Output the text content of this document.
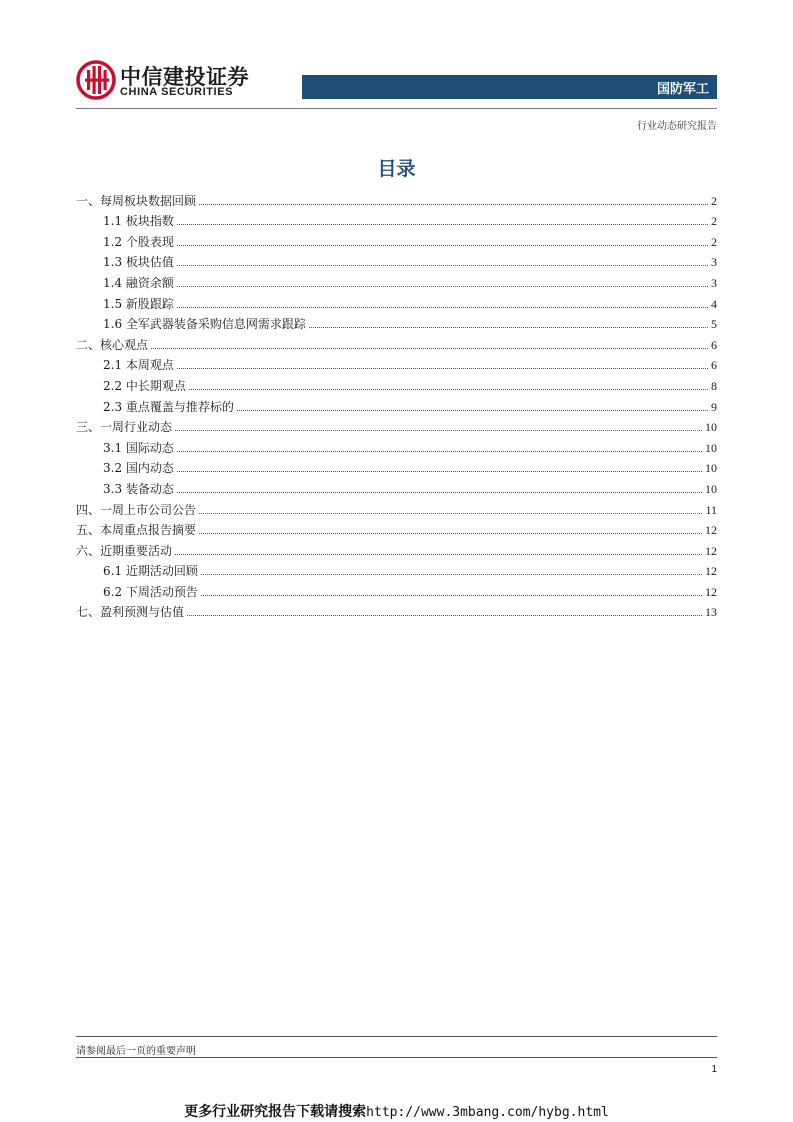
中信建投证券
CHINA SECURITIES	国防军工
行业动态研究报告
目录
一、每周板块数据回顾	2
1.1 板块指数	2
1.2 个股表现	2
1.3 板块估值	3
1.4 融资余额	3
1.5 新股跟踪	4
1.6 全军武器装备采购信息网需求跟踪	5
二、核心观点	6
2.1 本周观点	6
2.2 中长期观点	8
2.3 重点覆盖与推荐标的	9
三、一周行业动态	10
3.1 国际动态	10
3.2 国内动态	10
3.3 装备动态	10
四、一周上市公司公告	11
五、本周重点报告摘要	12
六、近期重要活动	12
6.1 近期活动回顾	12
6.2 下周活动预告	12
七、盈利预测与估值	13
请参阅最后一页的重要声明
1
更多行业研究报告下载请搜索http://www.3mbang.com/hybg.html
